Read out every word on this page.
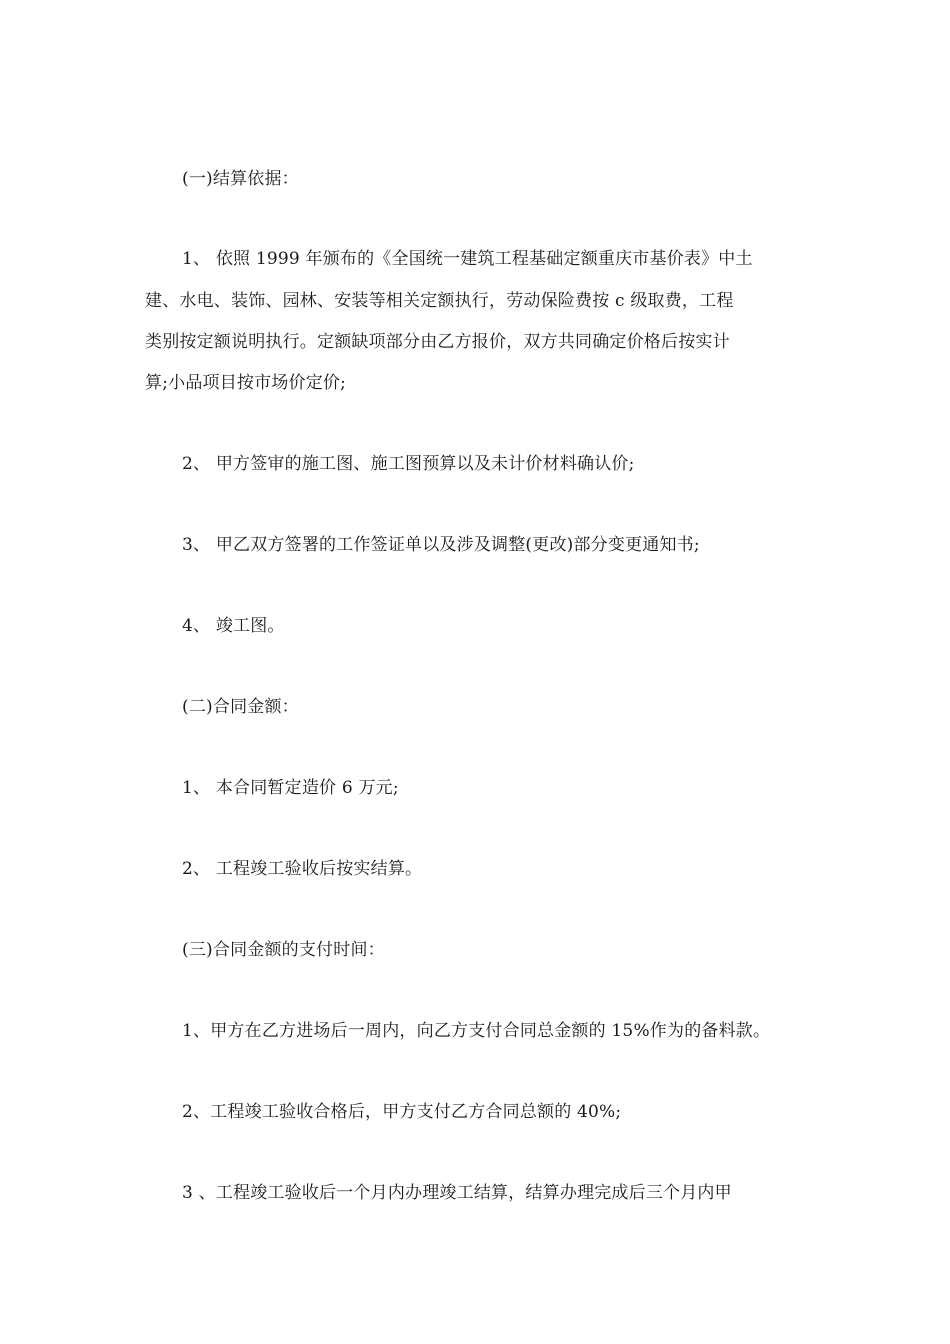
(一)结算依据：
1、 依照 1999 年颁布的《全国统一建筑工程基础定额重庆市基价表》中土
建、水电、装饰、园林、安装等相关定额执行，劳动保险费按 c 级取费，工程
类别按定额说明执行。定额缺项部分由乙方报价，双方共同确定价格后按实计
算;小品项目按市场价定价;
2、 甲方签审的施工图、施工图预算以及未计价材料确认价;
3、 甲乙双方签署的工作签证单以及涉及调整(更改)部分变更通知书;
4、 竣工图。
(二)合同金额：
1、 本合同暂定造价 6 万元;
2、 工程竣工验收后按实结算。
(三)合同金额的支付时间：
1、甲方在乙方进场后一周内，向乙方支付合同总金额的 15%作为的备料款。
2、工程竣工验收合格后，甲方支付乙方合同总额的 40%;
3 、工程竣工验收后一个月内办理竣工结算，结算办理完成后三个月内甲
